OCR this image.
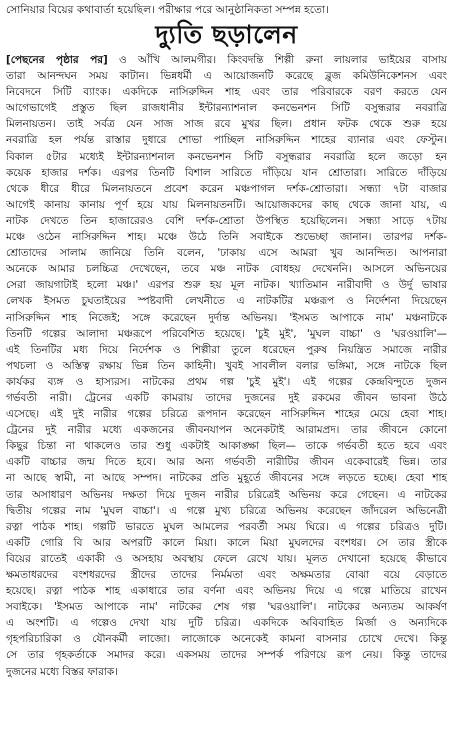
সোনিয়ার বিয়ের কথাবার্তা হয়েছিল। পরীক্ষার পরে আনুষ্ঠানিকতা সম্পন্ন হতো।
দ্যুতি ছড়ালেন
[পেছনের পৃষ্ঠার পর] ও আঁখি আলমগীর। কিংবদন্তি শিল্পী রুনা লায়লার ভাইয়ের বাসায়
তারা আনন্দঘন সময় কাটান। ভিন্নধর্মী এ আয়োজনটি করেছে ব্লুজ কমিউনিকেশনস এবং
নিবেদনে সিটি ব্যাংক। একদিকে নাসিরুদ্দিন শাহ এবং তার পরিবারকে বরণ করতে যেন
আগেভাগেই প্রস্তুত ছিল রাজধানীর ইন্টারন্যাশনাল কনভেনশন সিটি বসুন্ধরার নবরাত্রি
মিলনায়তন। তাই সর্বত্র যেন সাজ সাজ রবে মুখর ছিল। প্রধান ফটক থেকে শুরু হয়ে
নবরাত্রি হল পর্যন্ত রাস্তার দুধারে শোভা পাচ্ছিল নাসিরুদ্দিন শাহের ব্যানার এবং ফেস্টুন।
বিকাল ৫টার মধ্যেই ইন্টারন্যাশনাল কনভেনশন সিটি বসুন্ধরার নবরাত্রি হলে জড়ো হন
কয়েক হাজার দর্শক। এরপর তিনটি বিশাল সারিতে দাঁড়িয়ে যান শ্রোতারা। সারিতে দাঁড়িয়ে
থেকে ধীরে ধীরে মিলনায়তনে প্রবেশ করেন মঞ্চপাগল দর্শক-শ্রোতারা। সন্ধ্যা ৭টা বাজার
আগেই কানায় কানায় পূর্ণ হয়ে যায় মিলনায়তনটি। আয়োজকদের কাছ থেকে জানা যায়, এ
নাটক দেখতে তিন হাজারেরও বেশি দর্শক-শ্রোতা উপস্থিত হয়েছিলেন। সন্ধ্যা সাড়ে ৭টায়
মঞ্চে ওঠেন নাসিরুদ্দিন শাহ। মঞ্চে উঠে তিনি সবাইকে শুভেচ্ছা জানান। তারপর দর্শক-
শ্রোতাদের সালাম জানিয়ে তিনি বলেন, 'ঢাকায় এসে আমরা খুব আনন্দিত। আপনারা
অনেকে আমার চলচ্চিত্র দেখেছেন, তবে মঞ্চ নাটক বোধহয় দেখেননি। আসলে অভিনয়ের
সেরা জায়গাটাই হলো মঞ্চ।' এরপর শুরু হয় মূল নাটক। খ্যাতিমান নারীবাদী ও উর্দু ভাষার
লেখক ইসমত চুঘতাইয়ের স্পষ্টবাদী লেখনীতে এ নাটকটির মঞ্চরূপ ও নির্দেশনা দিয়েছেন
নাসিরুদ্দিন শাহ নিজেই; সঙ্গে করেছেন দুর্দান্ত অভিনয়। 'ইসমত আপাকে নাম' মঞ্চনাটকে
তিনটি গল্পের আলাদা মঞ্চরূপে পরিবেশিত হয়েছে। 'চুই মুই', 'মুঘল বাচ্চা' ও 'ঘরওয়ালি'—
এই তিনটির মধ্য দিয়ে নির্দেশক ও শিল্পীরা তুলে ধরেছেন পুরুষ নিয়ন্ত্রিত সমাজে নারীর
পথচলা ও অস্তিত্ব রক্ষায় ভিন্ন তিন কাহিনী। খুবই সাবলীল বলার ভঙ্গিমা, সঙ্গে নাটকে ছিল
কার্যকর ব্যঙ্গ ও হাস্যরস। নাটকের প্রথম গল্প 'চুই মুই'। এই গল্পের কেন্দ্রবিন্দুতে দুজন
গর্ভবতী নারী। ট্রেনের একটি কামরায় তাদের দুজনের দুই রকমের জীবন ভাবনা উঠে
এসেছে। এই দুই নারীর গল্পের চরিত্রে রূপদান করেছেন নাসিরুদ্দিন শাহের মেয়ে হেবা শাহ।
ট্রেনের দুই নারীর মধ্যে একজনের জীবনযাপন অনেকটাই আরামপ্রদ। তার জীবনে কোনো
কিছুর চিন্তা না থাকলেও তার শুধু একটাই আকাঙ্ক্ষা ছিল— তাকে গর্ভবতী হতে হবে এবং
একটি বাচ্চার জন্ম দিতে হবে। আর অন্য গর্ভবতী নারীটির জীবন একেবারেই ভিন্ন। তার
না আছে স্বামী, না আছে সম্পদ। নাটকের প্রতি মুহূর্তে জীবনের সঙ্গে লড়তে হচ্ছে। হেবা শাহ
তার অসাধারণ অভিনয় দক্ষতা দিয়ে দুজন নারীর চরিত্রেই অভিনয় করে গেছেন। এ নাটকের
দ্বিতীয় গল্পের নাম 'মুঘল বাচ্চা'। এ গল্পে মুখ্য চরিত্রে অভিনয় করেছেন জাঁদরেল অভিনেত্রী
রত্না পাঠক শাহ। গল্পটি ভারতে মুঘল আমলের পরবর্তী সময় ঘিরে। এ গল্পের চরিত্রও দুটি।
একটি গোরি বি আর অপরটি কালে মিয়া। কালে মিয়া মুঘলদের বংশধর। সে তার স্ত্রীকে
বিয়ের রাতেই একাকী ও অসহায় অবস্থায় ফেলে রেখে যায়। মূলত দেখানো হয়েছে কীভাবে
ক্ষমতাধরদের বংশধরদের স্ত্রীদের তাদের নির্মমতা এবং অক্ষমতার বোঝা বয়ে বেড়াতে
হয়েছে। রত্না পাঠক শাহ একাধারে তার বর্ণনা এবং অভিনয় দিয়ে এ গল্পে মাতিয়ে রাখেন
সবাইকে। 'ইসমত আপাকে নাম' নাটকের শেষ গল্প 'ঘরওয়ালি'। নাটকের অন্যতম আকর্ষণ
এ অংশটি। এ গল্পেও দেখা যায় দুটি চরিত্র। একদিকে অবিবাহিত মির্জা ও অন্যদিকে
গৃহপরিচারিকা ও যৌনকর্মী লাজো। লাজোকে অনেকেই কামনা বাসনার চোখে দেখে। কিন্তু
সে তার গৃহকর্তাকে সমাদর করে। একসময় তাদের সম্পর্ক পরিণয়ে রূপ নেয়। কিন্তু তাদের
দুজনের মধ্যে বিস্তর ফারাক।
